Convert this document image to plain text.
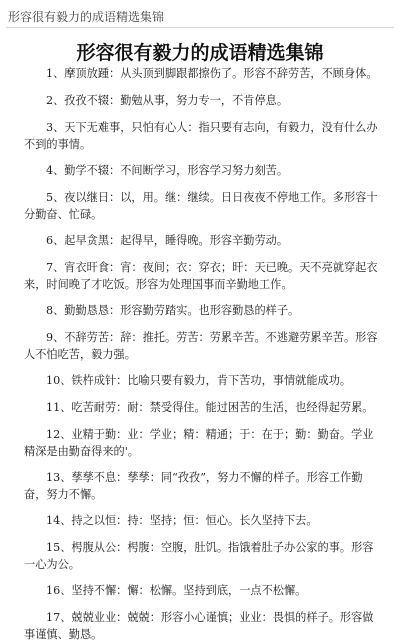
形容很有毅力的成语精选集锦
形容很有毅力的成语精选集锦

1、摩顶放踵：从头顶到脚跟都擦伤了。形容不辞劳苦，不顾身体。

2、孜孜不辍：勤勉从事，努力专一，不肯停息。

3、天下无难事，只怕有心人：指只要有志向，有毅力，没有什么办不到的事情。

4、勤学不辍：不间断学习，形容学习努力刻苦。

5、夜以继日：以，用。继：继续。日日夜夜不停地工作。多形容十分勤奋、忙碌。

6、起早贪黑：起得早，睡得晚。形容辛勤劳动。

7、宵衣旰食：宵：夜间；衣：穿衣；旰：天已晚。天不亮就穿起衣来，时间晚了才吃饭。形容为处理国事而辛勤地工作。

8、勤勤恳恳：形容勤劳踏实。也形容勤恳的样子。

9、不辞劳苦：辞：推托。劳苦：劳累辛苦。不逃避劳累辛苦。形容人不怕吃苦，毅力强。

10、铁杵成针：比喻只要有毅力，肯下苦功，事情就能成功。

11、吃苦耐劳：耐：禁受得住。能过困苦的生活，也经得起劳累。

12、业精于勤：业：学业；精：精通；于：在于；勤：勤奋。学业精深是由勤奋得来的'。

13、孳孳不息：孳孳：同“孜孜”，努力不懈的样子。形容工作勤奋，努力不懈。

14、持之以恒：持：坚持；恒：恒心。长久坚持下去。

15、枵腹从公：枵腹：空腹，肚饥。指饿着肚子办公家的事。形容一心为公。

16、坚持不懈：懈：松懈。坚持到底，一点不松懈。

17、兢兢业业：兢兢：形容小心谨慎；业业：畏惧的样子。形容做事谨慎、勤恳。
